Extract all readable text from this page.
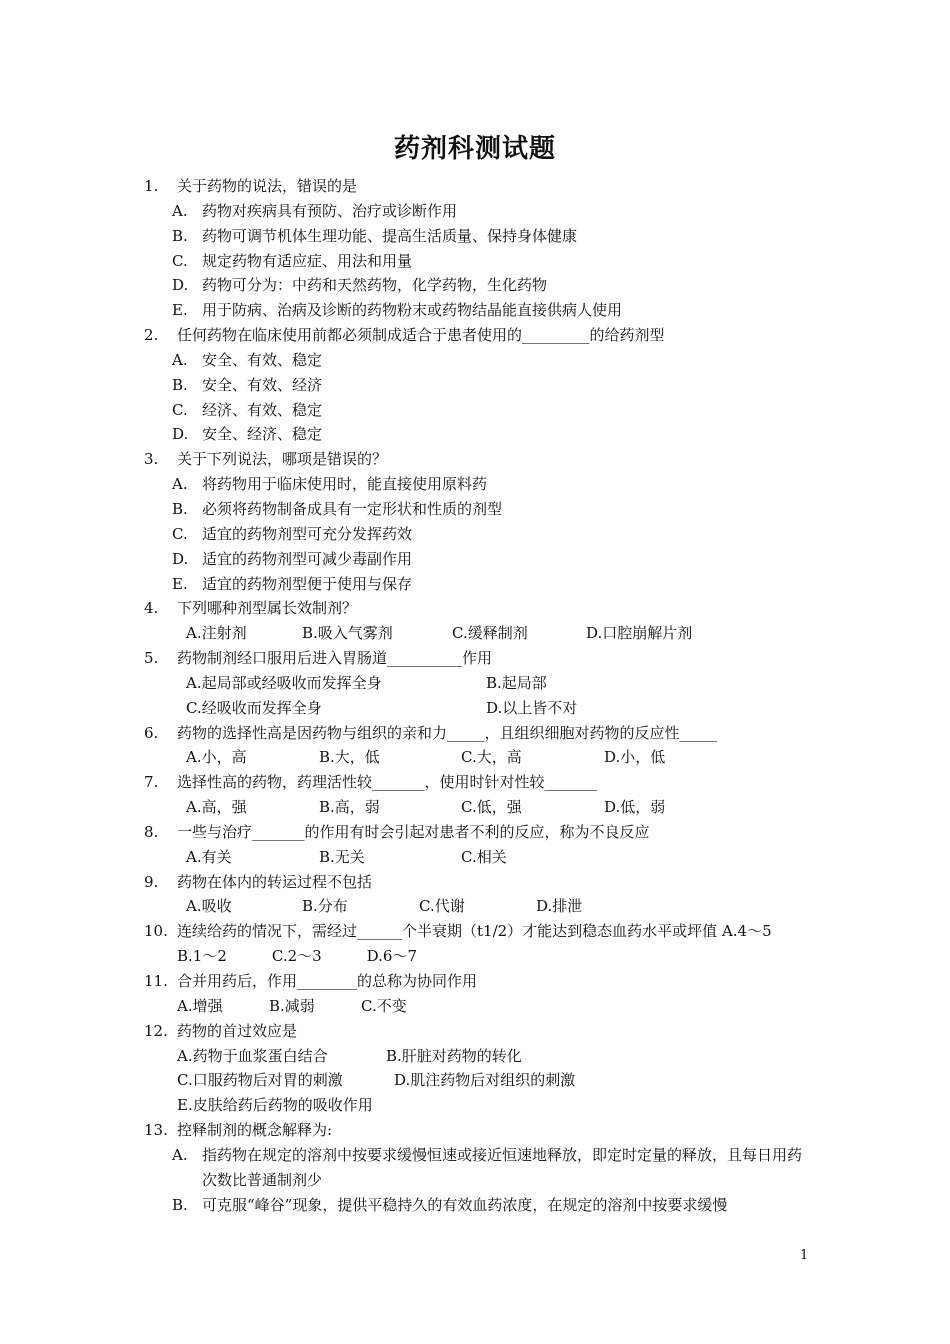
药剂科测试题
1. 关于药物的说法，错误的是
A. 药物对疾病具有预防、治疗或诊断作用
B. 药物可调节机体生理功能、提高生活质量、保持身体健康
C. 规定药物有适应症、用法和用量
D. 药物可分为：中药和天然药物，化学药物，生化药物
E. 用于防病、治病及诊断的药物粉末或药物结晶能直接供病人使用
2. 任何药物在临床使用前都必须制成适合于患者使用的_________的给药剂型
A. 安全、有效、稳定
B. 安全、有效、经济
C. 经济、有效、稳定
D. 安全、经济、稳定
3. 关于下列说法，哪项是错误的？
A. 将药物用于临床使用时，能直接使用原料药
B. 必须将药物制备成具有一定形状和性质的剂型
C. 适宜的药物剂型可充分发挥药效
D. 适宜的药物剂型可减少毒副作用
E. 适宜的药物剂型便于使用与保存
4. 下列哪种剂型属长效制剂？
A.注射剂	B.吸入气雾剂	C.缓释制剂	D.口腔崩解片剂
5. 药物制剂经口服用后进入胃肠道__________作用
A.起局部或经吸收而发挥全身	B.起局部
C.经吸收而发挥全身	D.以上皆不对
6. 药物的选择性高是因药物与组织的亲和力_____，且组织细胞对药物的反应性_____
A.小，高	B.大，低	C.大，高	D.小，低
7. 选择性高的药物，药理活性较_______，使用时针对性较_______
A.高，强	B.高，弱	C.低，强	D.低，弱
8. 一些与治疗_______的作用有时会引起对患者不利的反应，称为不良反应
A.有关	B.无关	C.相关
9. 药物在体内的转运过程不包括
A.吸收	B.分布	C.代谢	D.排泄
10. 连续给药的情况下，需经过______个半衰期（t1/2）才能达到稳态血药水平或坪值 A.4～5　　　B.1～2　　　C.2～3　　　D.6～7
11. 合并用药后，作用________的总称为协同作用
A.增强	B.减弱	C.不变
12. 药物的首过效应是
A.药物于血浆蛋白结合	B.肝脏对药物的转化
C.口服药物后对胃的刺激	D.肌注药物后对组织的刺激
E.皮肤给药后药物的吸收作用
13. 控释制剂的概念解释为:
A. 指药物在规定的溶剂中按要求缓慢恒速或接近恒速地释放，即定时定量的释放，且每日用药次数比普通制剂少
B. 可克服“峰谷”现象，提供平稳持久的有效血药浓度，在规定的溶剂中按要求缓慢
1
